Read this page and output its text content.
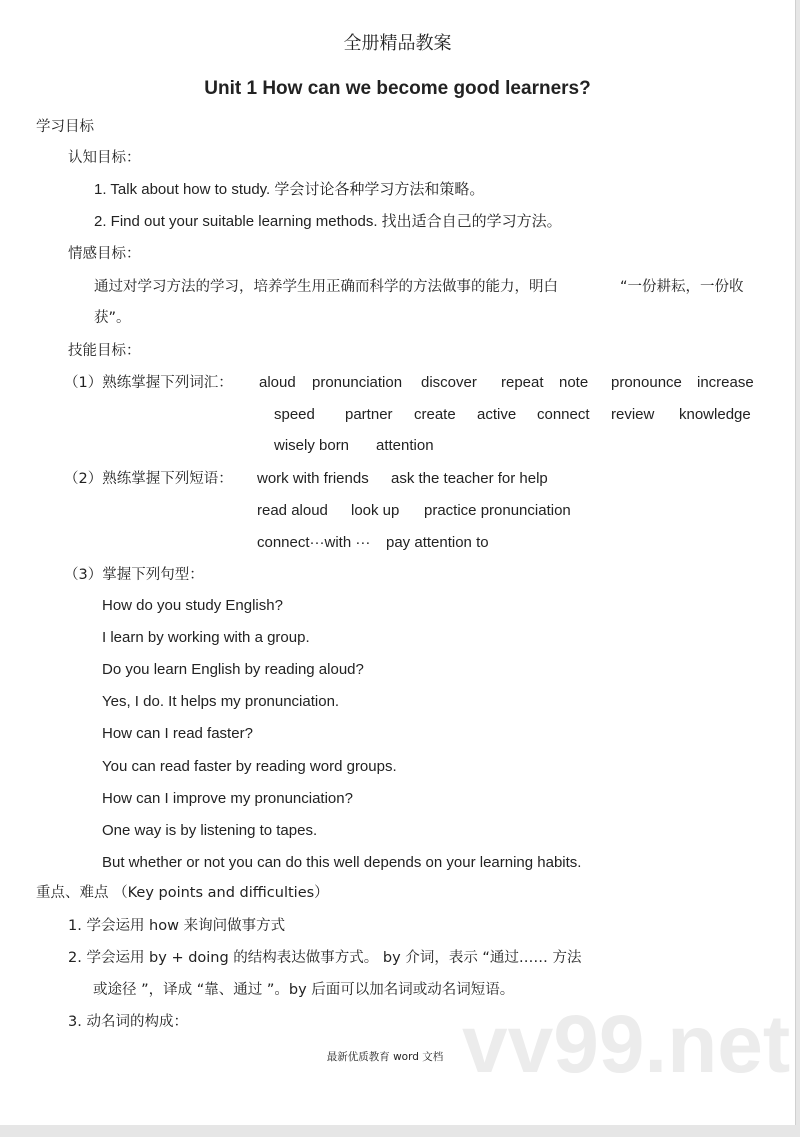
vv99.net
全册精品教案
Unit 1 How can we become good learners?
学习目标
认知目标：
1. Talk about how to study. 学会讨论各种学习方法和策略。
2. Find out your suitable learning methods. 找出适合自己的学习方法。
情感目标：
通过对学习方法的学习，培养学生用正确而科学的方法做事的能力，明白	“一份耕耘，一份收
获”。
技能目标：
（1）熟练掌握下列词汇： aloud pronunciation discover repeat note pronounce increase
speed partner create active connect review knowledge
wisely born attention
（2）熟练掌握下列短语： work with friends ask the teacher for help
read aloud look up practice pronunciation
connect···with ··· pay attention to
（3）掌握下列句型：
How do you study English?
I learn by working with a group.
Do you learn English by reading aloud?
Yes, I do. It helps my pronunciation.
How can I read faster?
You can read faster by reading word groups.
How can I improve my pronunciation?
One way is by listening to tapes.
But whether or not you can do this well depends on your learning habits.
重点、难点 （Key points and difficulties）
1. 学会运用 how 来询问做事方式
2. 学会运用 by + doing 的结构表达做事方式。 by 介词，表示 “通过…… 方法
或途径 ”，译成 “靠、通过 ”。by 后面可以加名词或动名词短语。
3. 动名词的构成：
最新优质教育 word 文档
